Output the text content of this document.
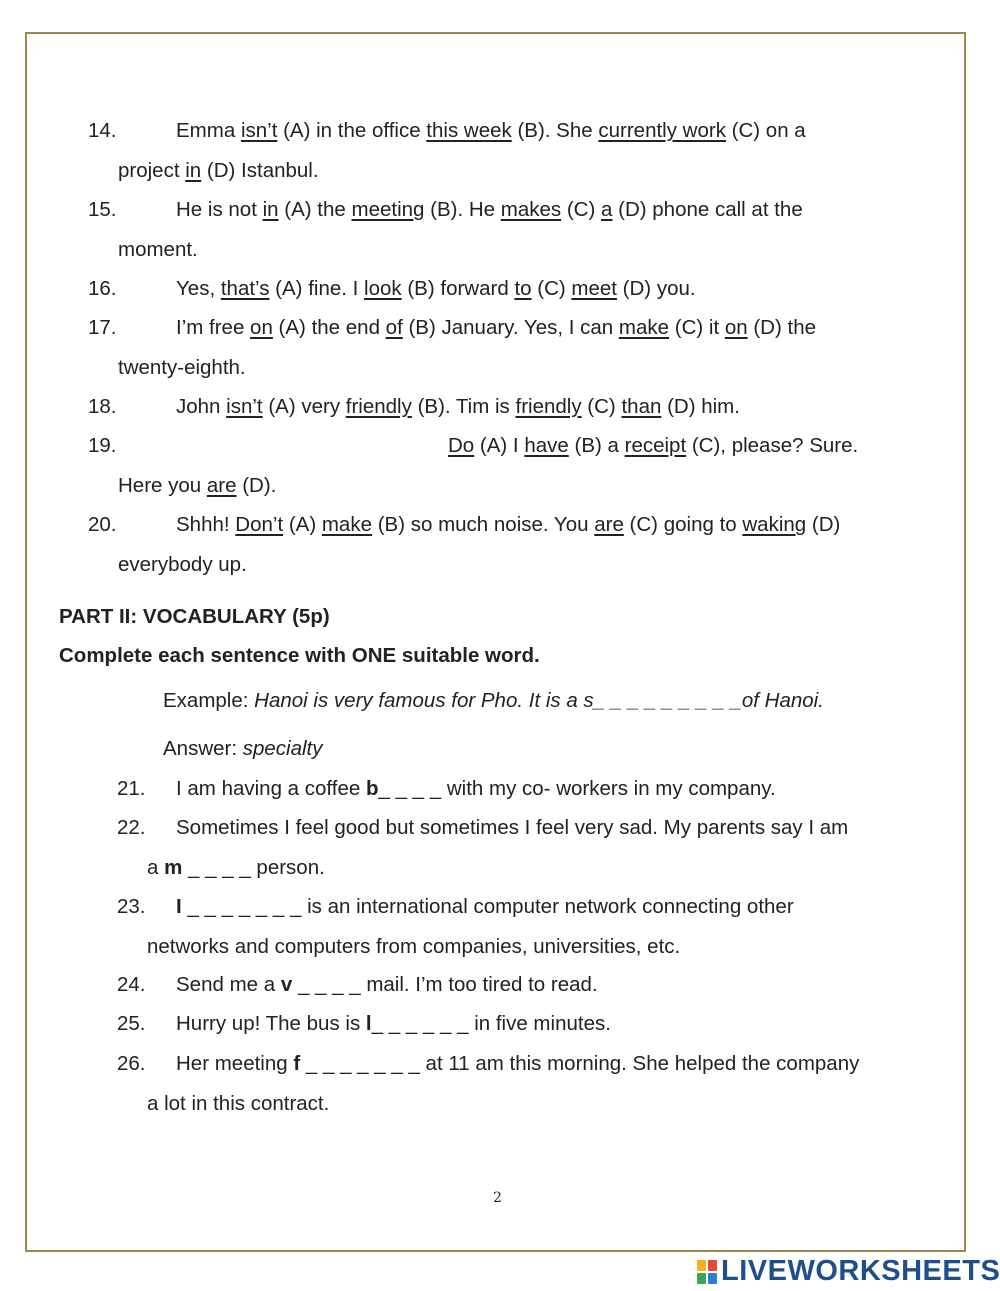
14.	Emma isn’t (A) in the office this week (B). She currently work (C) on a
project in (D) Istanbul.
15.	He is not in (A) the meeting (B). He makes (C) a (D) phone call at the
moment.
16.	Yes, that’s (A) fine. I look (B) forward to (C) meet (D) you.
17.	I’m free on (A) the end of (B) January. Yes, I can make (C) it on (D) the
twenty-eighth.
18.	John isn’t (A) very friendly (B). Tim is friendly (C) than (D) him.
19.	Do (A) I have (B) a receipt (C), please? Sure.
Here you are (D).
20.	Shhh! Don’t (A) make (B) so much noise. You are (C) going to waking (D)
everybody up.
PART II: VOCABULARY (5p)
Complete each sentence with ONE suitable word.
Example: Hanoi is very famous for Pho. It is a s_ _ _ _ _ _ _ _ _of Hanoi.
Answer: specialty
21. I am having a coffee b_ _ _ _ with my co- workers in my company.
22. Sometimes I feel good but sometimes I feel very sad. My parents say I am
a m _ _ _ _ person.
23. I _ _ _ _ _ _ _ is an international computer network connecting other
networks and computers from companies, universities, etc.
24. Send me a v _ _ _ _ mail. I’m too tired to read.
25. Hurry up! The bus is l_ _ _ _ _ _ in five minutes.
26. Her meeting f _ _ _ _ _ _ _ at 11 am this morning. She helped the company
a lot in this contract.
2
LIVEWORKSHEETS
